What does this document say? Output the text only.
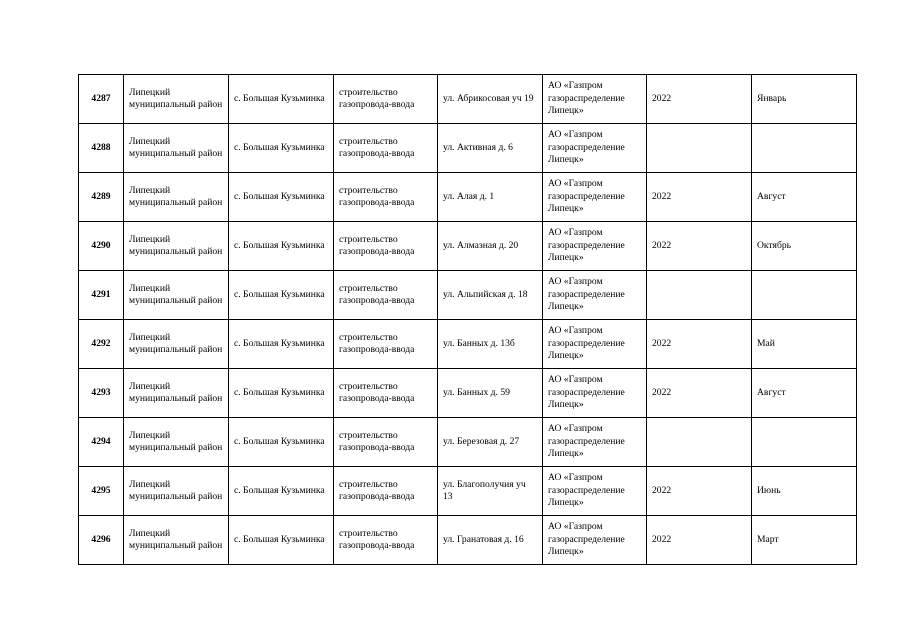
4287	Липецкий муниципальный район	с. Большая Кузьминка	строительство газопровода-ввода	ул. Абрикосовая уч 19	АО «Газпром газораспределение Липецк»	2022	Январь
4288	Липецкий муниципальный район	с. Большая Кузьминка	строительство газопровода-ввода	ул. Активная д. 6	АО «Газпром газораспределение Липецк»		
4289	Липецкий муниципальный район	с. Большая Кузьминка	строительство газопровода-ввода	ул. Алая д. 1	АО «Газпром газораспределение Липецк»	2022	Август
4290	Липецкий муниципальный район	с. Большая Кузьминка	строительство газопровода-ввода	ул. Алмазная д. 20	АО «Газпром газораспределение Липецк»	2022	Октябрь
4291	Липецкий муниципальный район	с. Большая Кузьминка	строительство газопровода-ввода	ул. Альпийская д. 18	АО «Газпром газораспределение Липецк»		
4292	Липецкий муниципальный район	с. Большая Кузьминка	строительство газопровода-ввода	ул. Банных д. 13б	АО «Газпром газораспределение Липецк»	2022	Май
4293	Липецкий муниципальный район	с. Большая Кузьминка	строительство газопровода-ввода	ул. Банных д. 59	АО «Газпром газораспределение Липецк»	2022	Август
4294	Липецкий муниципальный район	с. Большая Кузьминка	строительство газопровода-ввода	ул. Березовая д. 27	АО «Газпром газораспределение Липецк»		
4295	Липецкий муниципальный район	с. Большая Кузьминка	строительство газопровода-ввода	ул. Благополучия уч 13	АО «Газпром газораспределение Липецк»	2022	Июнь
4296	Липецкий муниципальный район	с. Большая Кузьминка	строительство газопровода-ввода	ул. Гранатовая д. 16	АО «Газпром газораспределение Липецк»	2022	Март
